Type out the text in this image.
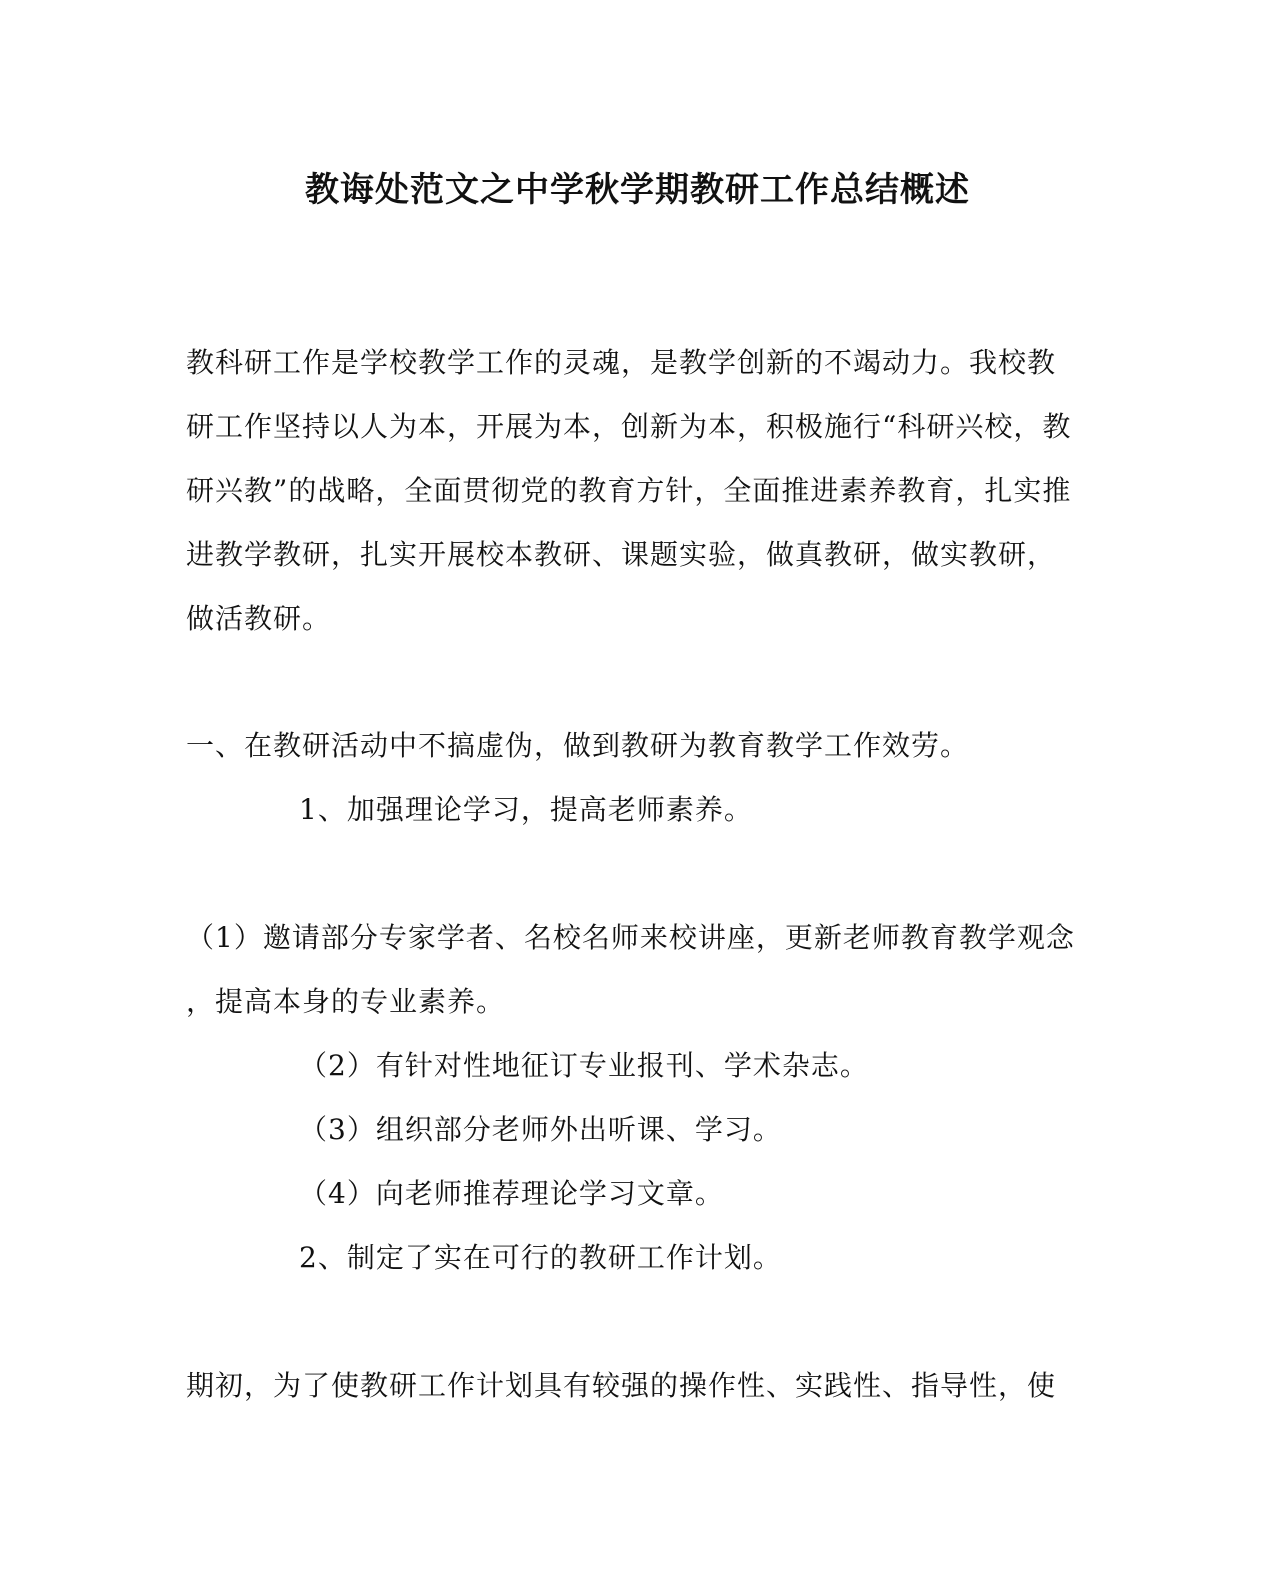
教诲处范文之中学秋学期教研工作总结概述
教科研工作是学校教学工作的灵魂，是教学创新的不竭动力。我校教
研工作坚持以人为本，开展为本，创新为本，积极施行“科研兴校，教
研兴教”的战略，全面贯彻党的教育方针，全面推进素养教育，扎实推
进教学教研，扎实开展校本教研、课题实验，做真教研，做实教研，
做活教研。
一、在教研活动中不搞虚伪，做到教研为教育教学工作效劳。
1、加强理论学习，提高老师素养。
（1）邀请部分专家学者、名校名师来校讲座，更新老师教育教学观念
，提高本身的专业素养。
（2）有针对性地征订专业报刊、学术杂志。
（3）组织部分老师外出听课、学习。
（4）向老师推荐理论学习文章。
2、制定了实在可行的教研工作计划。
期初，为了使教研工作计划具有较强的操作性、实践性、指导性，使
